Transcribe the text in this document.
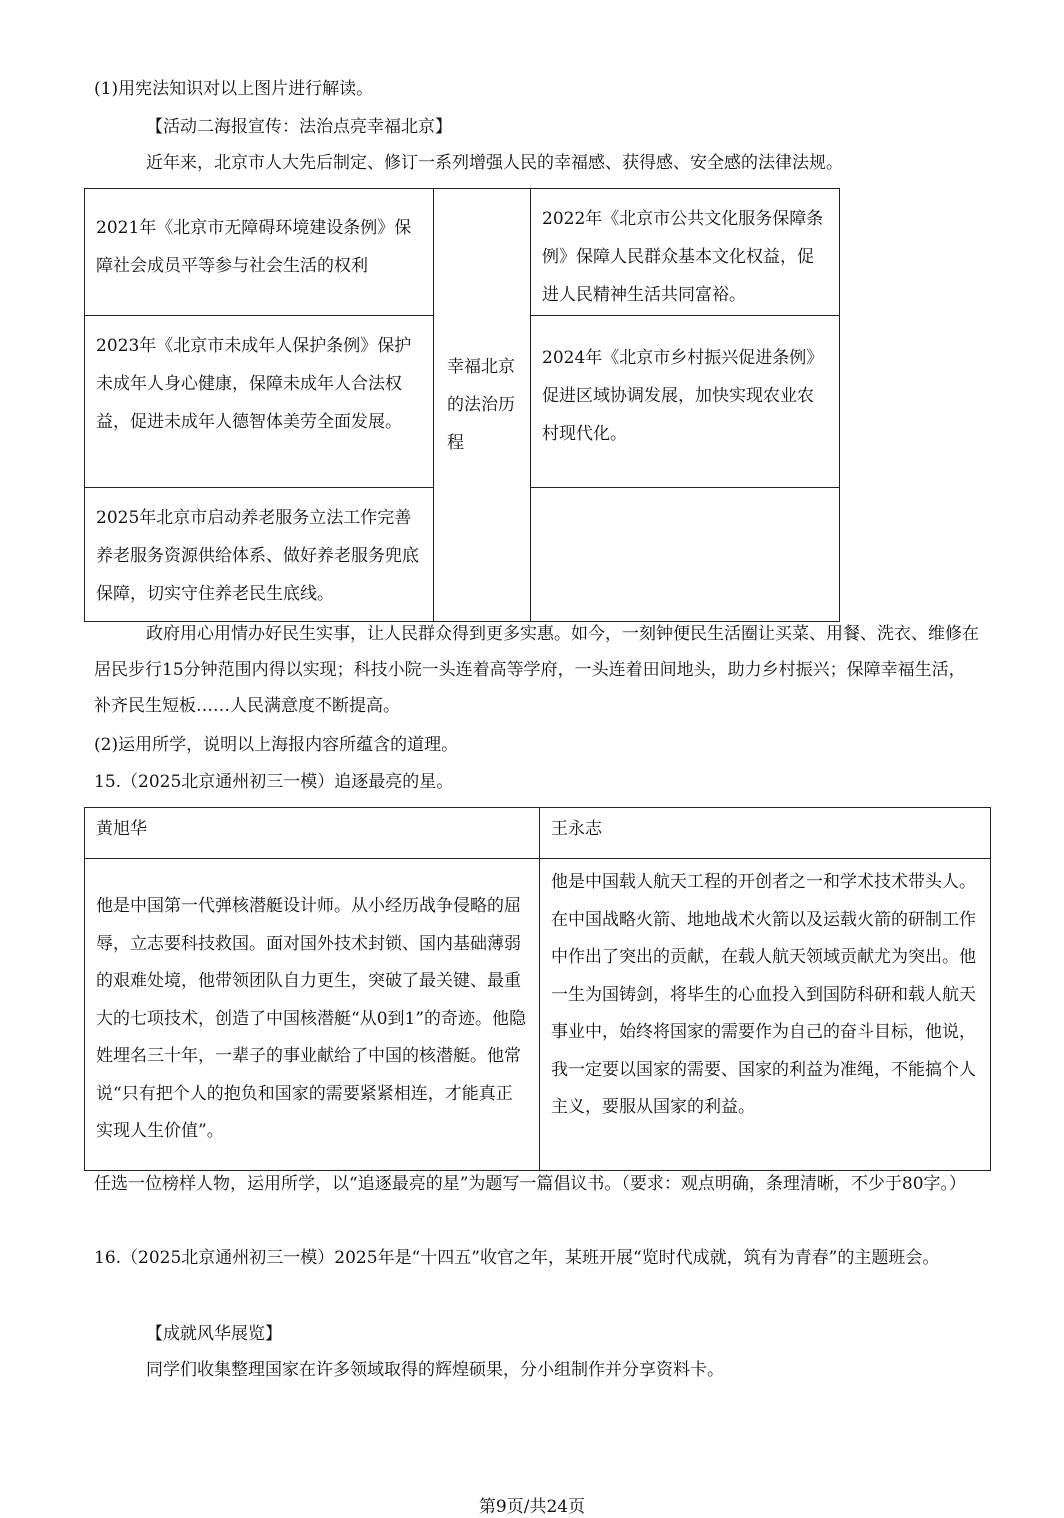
(1)用宪法知识对以上图片进行解读。
【活动二海报宣传：法治点亮幸福北京】
近年来，北京市人大先后制定、修订一系列增强人民的幸福感、获得感、安全感的法律法规。
2021年《北京市无障碍环境建设条例》保障社会成员平等参与社会生活的权利	幸福北京的法治历程	2022年《北京市公共文化服务保障条例》保障人民群众基本文化权益，促进人民精神生活共同富裕。

2023年《北京市未成年人保护条例》保护未成年人身心健康，保障未成年人合法权益，促进未成年人德智体美劳全面发展。		2024年《北京市乡村振兴促进条例》促进区域协调发展，加快实现农业农村现代化。

2025年北京市启动养老服务立法工作完善养老服务资源供给体系、做好养老服务兜底保障，切实守住养老民生底线。		

政府用心用情办好民生实事，让人民群众得到更多实惠。如今，一刻钟便民生活圈让买菜、用餐、洗衣、维修在居民步行15分钟范围内得以实现；科技小院一头连着高等学府，一头连着田间地头，助力乡村振兴；保障幸福生活，补齐民生短板……人民满意度不断提高。
(2)运用所学，说明以上海报内容所蕴含的道理。
15.（2025北京通州初三一模）追逐最亮的星。
黄旭华	王永志

他是中国第一代弹核潜艇设计师。从小经历战争侵略的屈辱，立志要科技救国。面对国外技术封锁、国内基础薄弱的艰难处境，他带领团队自力更生，突破了最关键、最重大的七项技术，创造了中国核潜艇“从0到1”的奇迹。他隐姓埋名三十年，一辈子的事业献给了中国的核潜艇。他常说“只有把个人的抱负和国家的需要紧紧相连，才能真正实现人生价值”。	他是中国载人航天工程的开创者之一和学术技术带头人。在中国战略火箭、地地战术火箭以及运载火箭的研制工作中作出了突出的贡献，在载人航天领域贡献尤为突出。他一生为国铸剑，将毕生的心血投入到国防科研和载人航天事业中，始终将国家的需要作为自己的奋斗目标，他说，我一定要以国家的需要、国家的利益为准绳，不能搞个人主义，要服从国家的利益。
任选一位榜样人物，运用所学，以“追逐最亮的星”为题写一篇倡议书。（要求：观点明确，条理清晰，不少于80字。）
16.（2025北京通州初三一模）2025年是“十四五”收官之年，某班开展“览时代成就，筑有为青春”的主题班会。
【成就风华展览】
同学们收集整理国家在许多领域取得的辉煌硕果，分小组制作并分享资料卡。
第9页/共24页
